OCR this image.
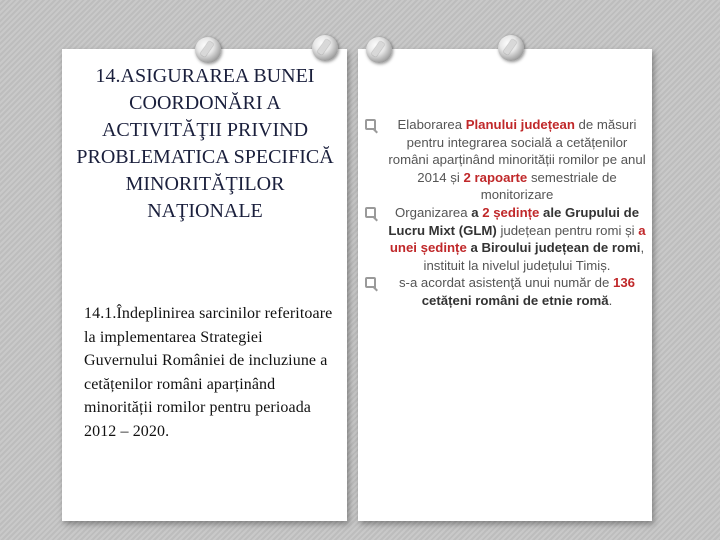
14.ASIGURAREA BUNEI COORDONĂRI A ACTIVITĂŢII PRIVIND PROBLEMATICA SPECIFICĂ MINORITĂŢILOR NAŢIONALE

14.1.Îndeplinirea sarcinilor referitoare la implementarea Strategiei Guvernului României de incluziune a cetățenilor români aparținând minorității romilor pentru perioada 2012 – 2020.

Elaborarea Planului județean de măsuri pentru integrarea socială a cetățenilor români aparținând minorității romilor pe anul 2014 și 2 rapoarte semestriale de monitorizare
Organizarea a 2 ședințe ale Grupului de Lucru Mixt (GLM) județean pentru romi și a unei ședințe a Biroului județean de romi, instituit la nivelul județului Timiș.
s-a acordat asistenţă unui număr de 136 cetățeni români de etnie romă.
